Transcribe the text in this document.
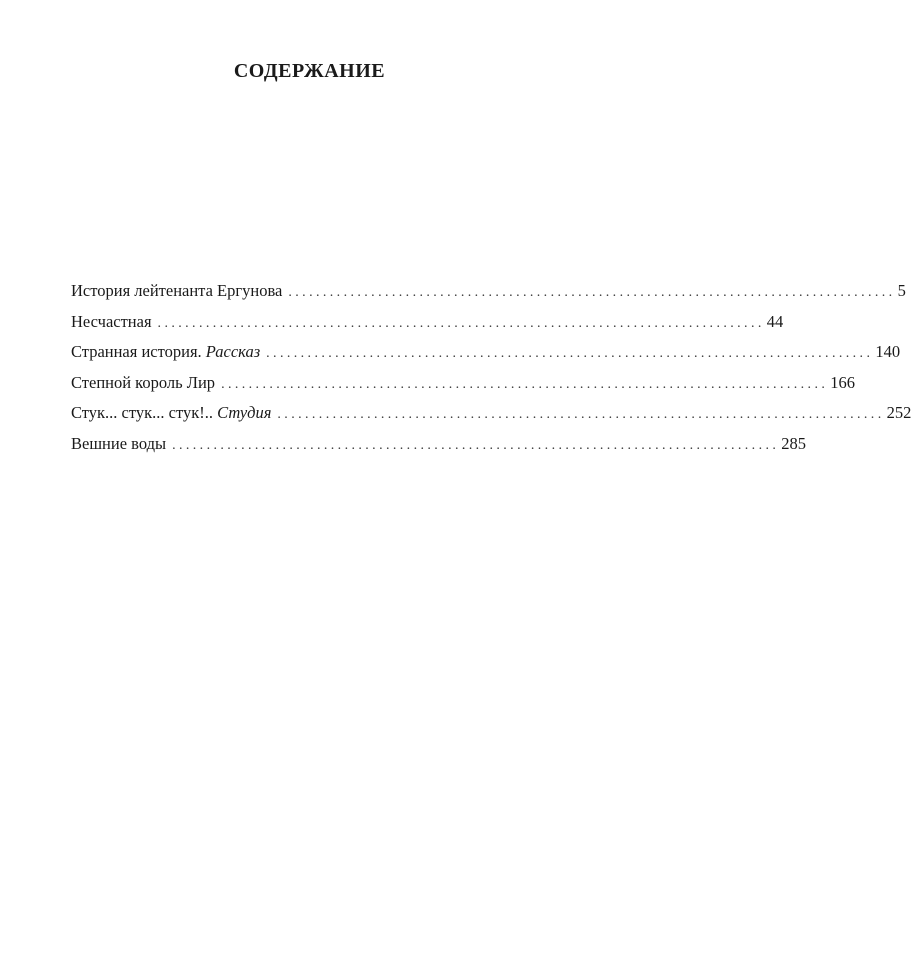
СОДЕРЖАНИЕ
История лейтенанта Ергунова ........................................................................................ 5
Несчастная ........................................................................................ 44
Странная история. Рассказ ........................................................................................ 140
Степной король Лир ........................................................................................ 166
Стук... стук... стук!.. Студия ........................................................................................ 252
Вешние воды ........................................................................................ 285
